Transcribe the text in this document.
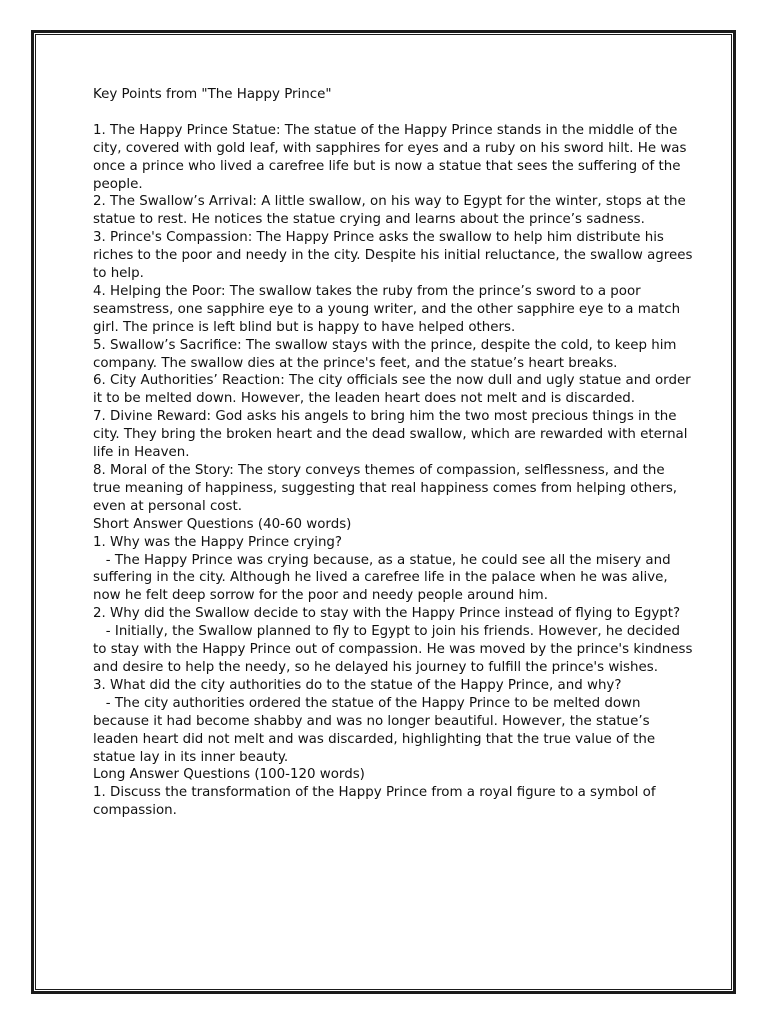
Key Points from "The Happy Prince"

1. The Happy Prince Statue: The statue of the Happy Prince stands in the middle of the city, covered with gold leaf, with sapphires for eyes and a ruby on his sword hilt. He was once a prince who lived a carefree life but is now a statue that sees the suffering of the people.

2. The Swallow’s Arrival: A little swallow, on his way to Egypt for the winter, stops at the statue to rest. He notices the statue crying and learns about the prince’s sadness.

3. Prince's Compassion: The Happy Prince asks the swallow to help him distribute his riches to the poor and needy in the city. Despite his initial reluctance, the swallow agrees to help.

4. Helping the Poor: The swallow takes the ruby from the prince’s sword to a poor seamstress, one sapphire eye to a young writer, and the other sapphire eye to a match girl. The prince is left blind but is happy to have helped others.

5. Swallow’s Sacrifice: The swallow stays with the prince, despite the cold, to keep him company. The swallow dies at the prince's feet, and the statue’s heart breaks.

6. City Authorities’ Reaction: The city officials see the now dull and ugly statue and order it to be melted down. However, the leaden heart does not melt and is discarded.

7. Divine Reward: God asks his angels to bring him the two most precious things in the city. They bring the broken heart and the dead swallow, which are rewarded with eternal life in Heaven.

8. Moral of the Story: The story conveys themes of compassion, selflessness, and the true meaning of happiness, suggesting that real happiness comes from helping others, even at personal cost.

Short Answer Questions (40-60 words)

1. Why was the Happy Prince crying?

- The Happy Prince was crying because, as a statue, he could see all the misery and suffering in the city. Although he lived a carefree life in the palace when he was alive, now he felt deep sorrow for the poor and needy people around him.

2. Why did the Swallow decide to stay with the Happy Prince instead of flying to Egypt?

- Initially, the Swallow planned to fly to Egypt to join his friends. However, he decided to stay with the Happy Prince out of compassion. He was moved by the prince's kindness and desire to help the needy, so he delayed his journey to fulfill the prince's wishes.

3. What did the city authorities do to the statue of the Happy Prince, and why?

- The city authorities ordered the statue of the Happy Prince to be melted down because it had become shabby and was no longer beautiful. However, the statue’s leaden heart did not melt and was discarded, highlighting that the true value of the statue lay in its inner beauty.

Long Answer Questions (100-120 words)

1. Discuss the transformation of the Happy Prince from a royal figure to a symbol of compassion.
